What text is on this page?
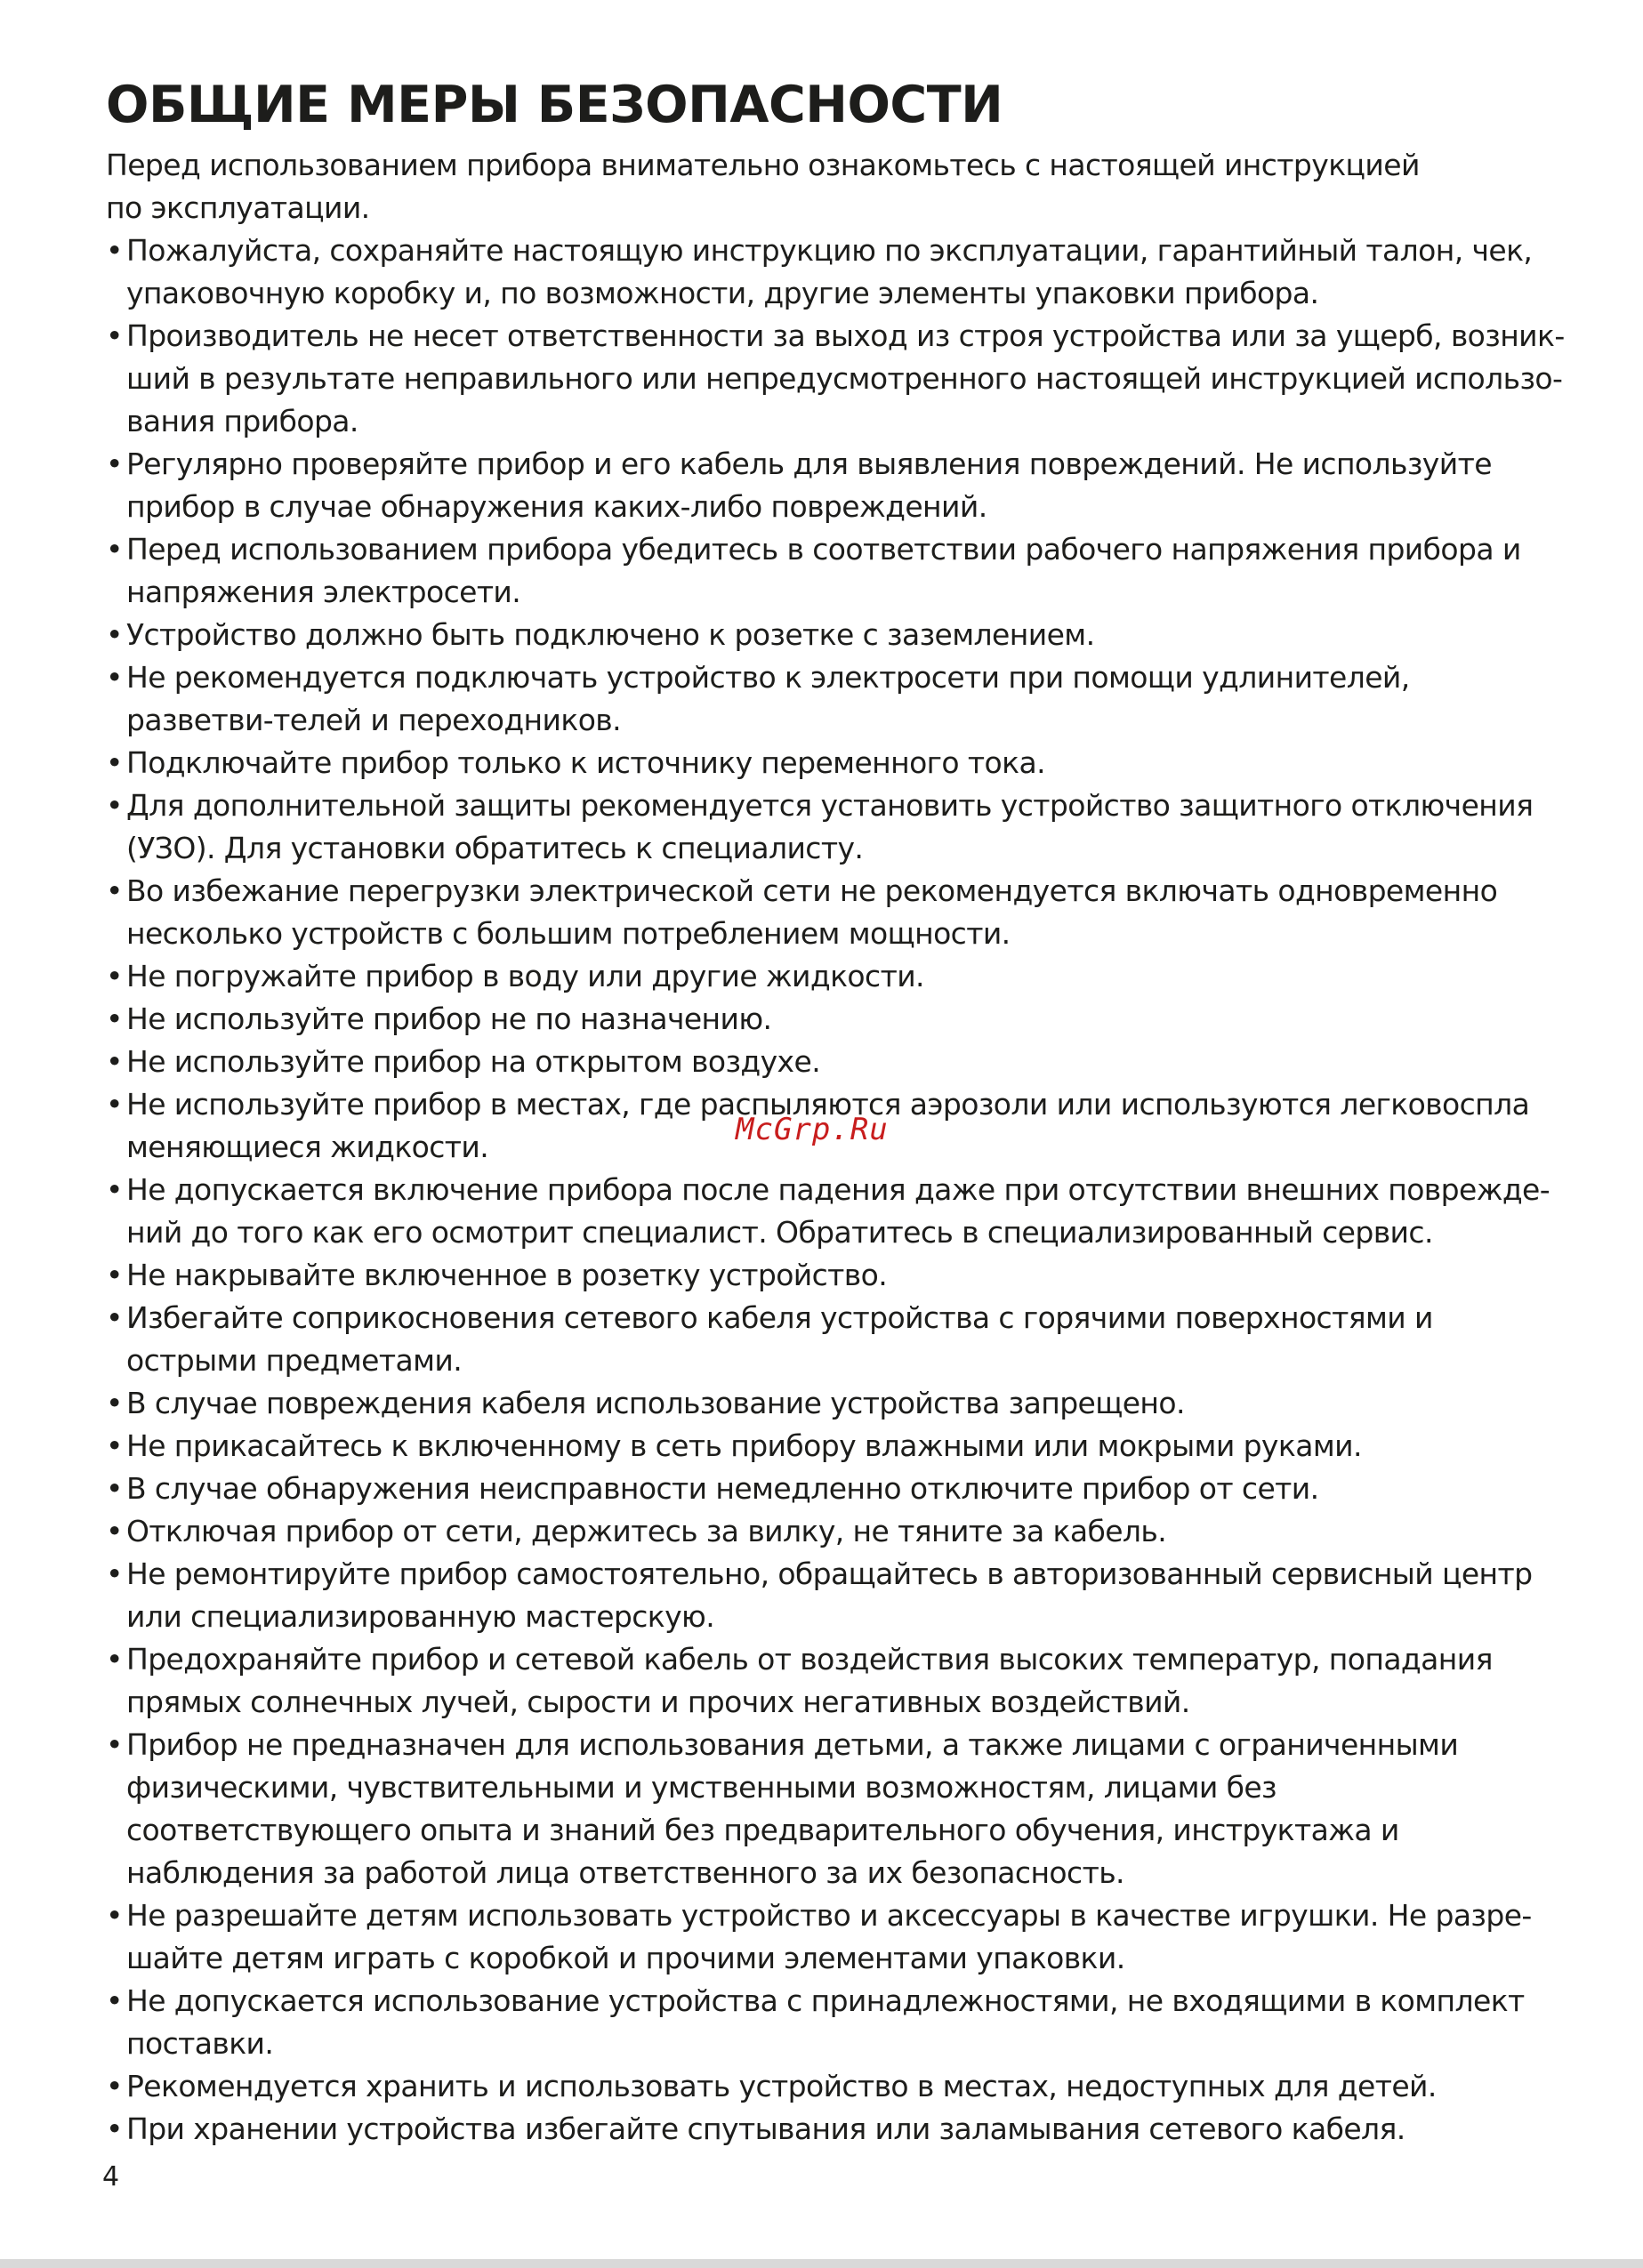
ОБЩИЕ МЕРЫ БЕЗОПАСНОСТИ

Перед использованием прибора внимательно ознакомьтесь с настоящей инструкцией по эксплуатации.

• Пожалуйста, сохраняйте настоящую инструкцию по эксплуатации, гарантийный талон, чек, упаковочную коробку и, по возможности, другие элементы упаковки прибора.
• Производитель не несет ответственности за выход из строя устройства или за ущерб, возник-ший в результате неправильного или непредусмотренного настоящей инструкцией использо-вания прибора.
• Регулярно проверяйте прибор и его кабель для выявления повреждений. Не используйте прибор в случае обнаружения каких-либо повреждений.
• Перед использованием прибора убедитесь в соответствии рабочего напряжения прибора и напряжения электросети.
• Устройство должно быть подключено к розетке с заземлением.
• Не рекомендуется подключать устройство к электросети при помощи удлинителей, разветви-телей и переходников.
• Подключайте прибор только к источнику переменного тока.
• Для дополнительной защиты рекомендуется установить устройство защитного отключения (УЗО). Для установки обратитесь к специалисту.
• Во избежание перегрузки электрической сети не рекомендуется включать одновременно несколько устройств с большим потреблением мощности.
• Не погружайте прибор в воду или другие жидкости.
• Не используйте прибор не по назначению.
• Не используйте прибор на открытом воздухе.
• Не используйте прибор в местах, где распыляются аэрозоли или используются легковоспла меняющиеся жидкости.
• Не допускается включение прибора после падения даже при отсутствии внешних поврежде-ний до того как его осмотрит специалист. Обратитесь в специализированный сервис.
• Не накрывайте включенное в розетку устройство.
• Избегайте соприкосновения сетевого кабеля устройства с горячими поверхностями и острыми предметами.
• В случае повреждения кабеля использование устройства запрещено.
• Не прикасайтесь к включенному в сеть прибору влажными или мокрыми руками.
• В случае обнаружения неисправности немедленно отключите прибор от сети.
• Отключая прибор от сети, держитесь за вилку, не тяните за кабель.
• Не ремонтируйте прибор самостоятельно, обращайтесь в авторизованный сервисный центр или специализированную мастерскую.
• Предохраняйте прибор и сетевой кабель от воздействия высоких температур, попадания прямых солнечных лучей, сырости и прочих негативных воздействий.
• Прибор не предназначен для использования детьми, а также лицами с ограниченными физическими, чувствительными и умственными возможностям, лицами без соответствующего опыта и знаний без предварительного обучения, инструктажа и наблюдения за работой лица ответственного за их безопасность.
• Не разрешайте детям использовать устройство и аксессуары в качестве игрушки. Не разре-шайте детям играть с коробкой и прочими элементами упаковки.
• Не допускается использование устройства с принадлежностями, не входящими в комплект поставки.
• Рекомендуется хранить и использовать устройство в местах, недоступных для детей.
• При хранении устройства избегайте спутывания или заламывания сетевого кабеля.
McGrp.Ru
4
